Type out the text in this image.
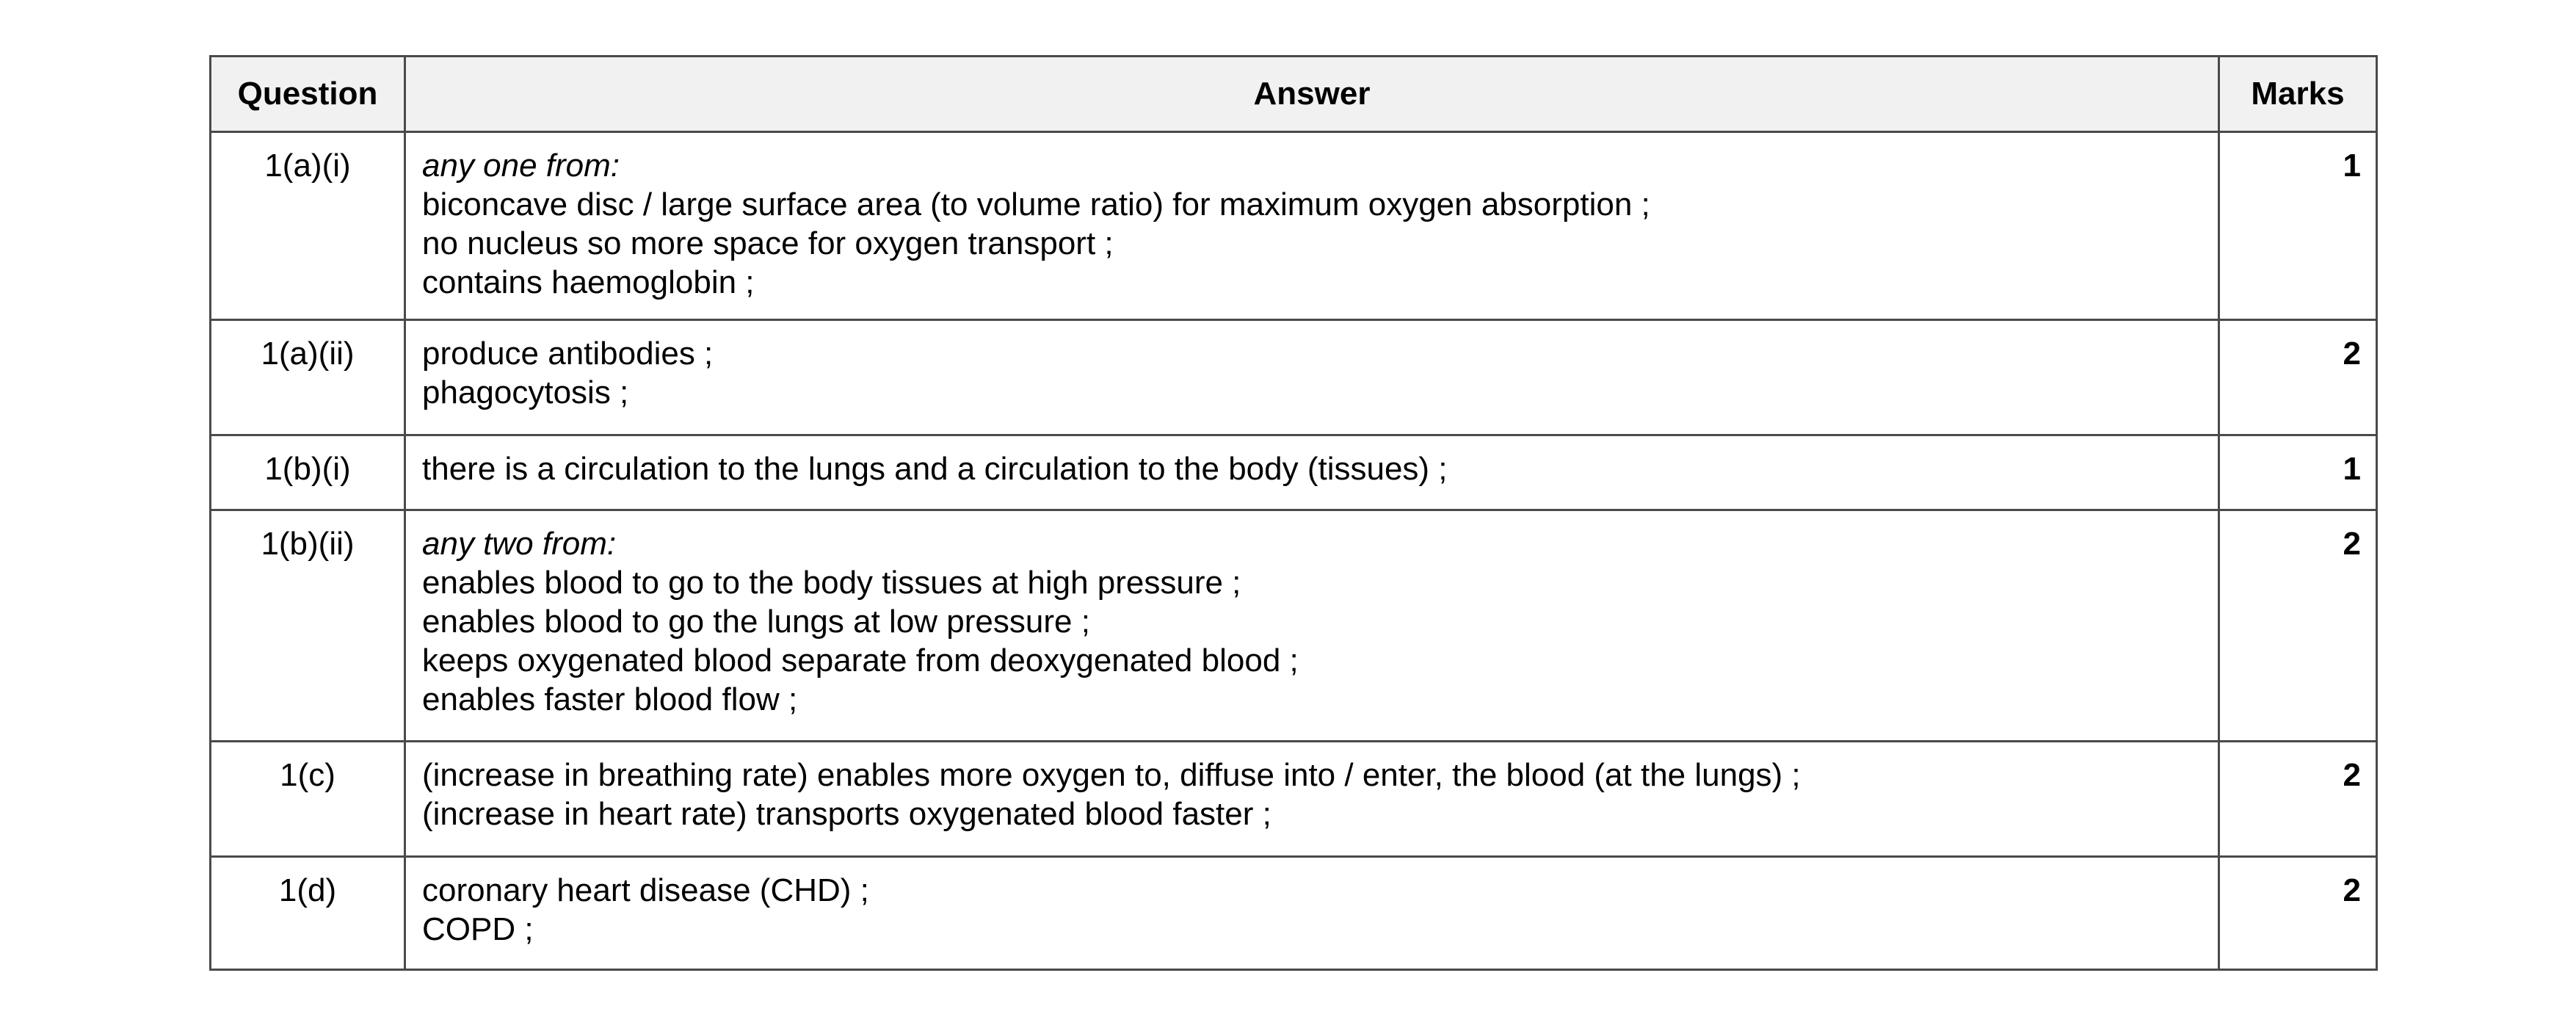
Question	Answer	Marks
1(a)(i)	any one from:
biconcave disc / large surface area (to volume ratio) for maximum oxygen absorption ;
no nucleus so more space for oxygen transport ;
contains haemoglobin ;	1
1(a)(ii)	produce antibodies ;
phagocytosis ;	2
1(b)(i)	there is a circulation to the lungs and a circulation to the body (tissues) ;	1
1(b)(ii)	any two from:
enables blood to go to the body tissues at high pressure ;
enables blood to go the lungs at low pressure ;
keeps oxygenated blood separate from deoxygenated blood ;
enables faster blood flow ;	2
1(c)	(increase in breathing rate) enables more oxygen to, diffuse into / enter, the blood (at the lungs) ;
(increase in heart rate) transports oxygenated blood faster ;	2
1(d)	coronary heart disease (CHD) ;
COPD ;	2
